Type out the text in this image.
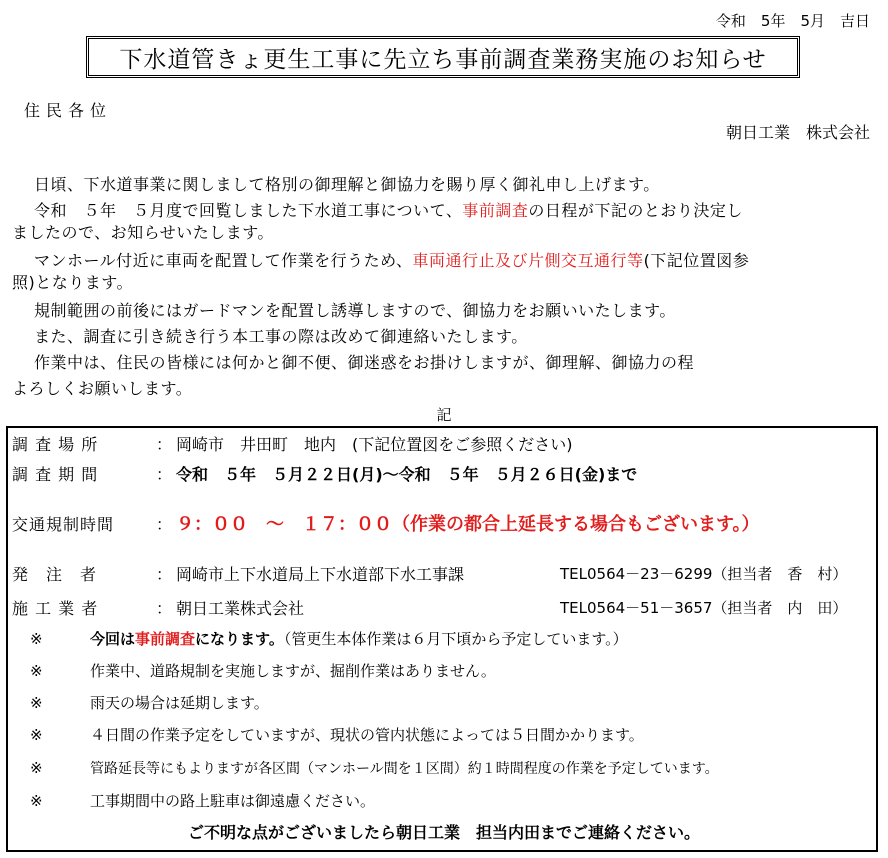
令和　5年　5月　吉日
下水道管きょ更生工事に先立ち事前調査業務実施のお知らせ
住民各位
朝日工業　株式会社
日頃、下水道事業に関しまして格別の御理解と御協力を賜り厚く御礼申し上げます。
令和　５年　５月度で回覧しました下水道工事について、事前調査の日程が下記のとおり決定し
ましたので、お知らせいたします。
マンホール付近に車両を配置して作業を行うため、車両通行止及び片側交互通行等(下記位置図参
照)となります。
規制範囲の前後にはガードマンを配置し誘導しますので、御協力をお願いいたします。
また、調査に引き続き行う本工事の際は改めて御連絡いたします。
作業中は、住民の皆様には何かと御不便、御迷惑をお掛けしますが、御理解、御協力の程
よろしくお願いします。
記
調 査 場 所	： 岡崎市　井田町　地内　(下記位置図をご参照ください)
調 査 期 間	： 令和　５年　５月２２日(月)～令和　５年　５月２６日(金)まで
交通規制時間	： ９：００　～　１７：００（作業の都合上延長する場合もございます。）
発　注　者	： 岡崎市上下水道局上下水道部下水工事課	TEL0564－23－6299（担当者　香　村）
施 工 業 者	： 朝日工業株式会社	TEL0564－51－3657（担当者　内　田）
※	今回は事前調査になります。（管更生本体作業は６月下頃から予定しています。）
※	作業中、道路規制を実施しますが、掘削作業はありません。
※	雨天の場合は延期します。
※	４日間の作業予定をしていますが、現状の管内状態によっては５日間かかります。
※	管路延長等にもよりますが各区間（マンホール間を１区間）約１時間程度の作業を予定しています。
※	工事期間中の路上駐車は御遠慮ください。
ご不明な点がございましたら朝日工業　担当内田までご連絡ください。
